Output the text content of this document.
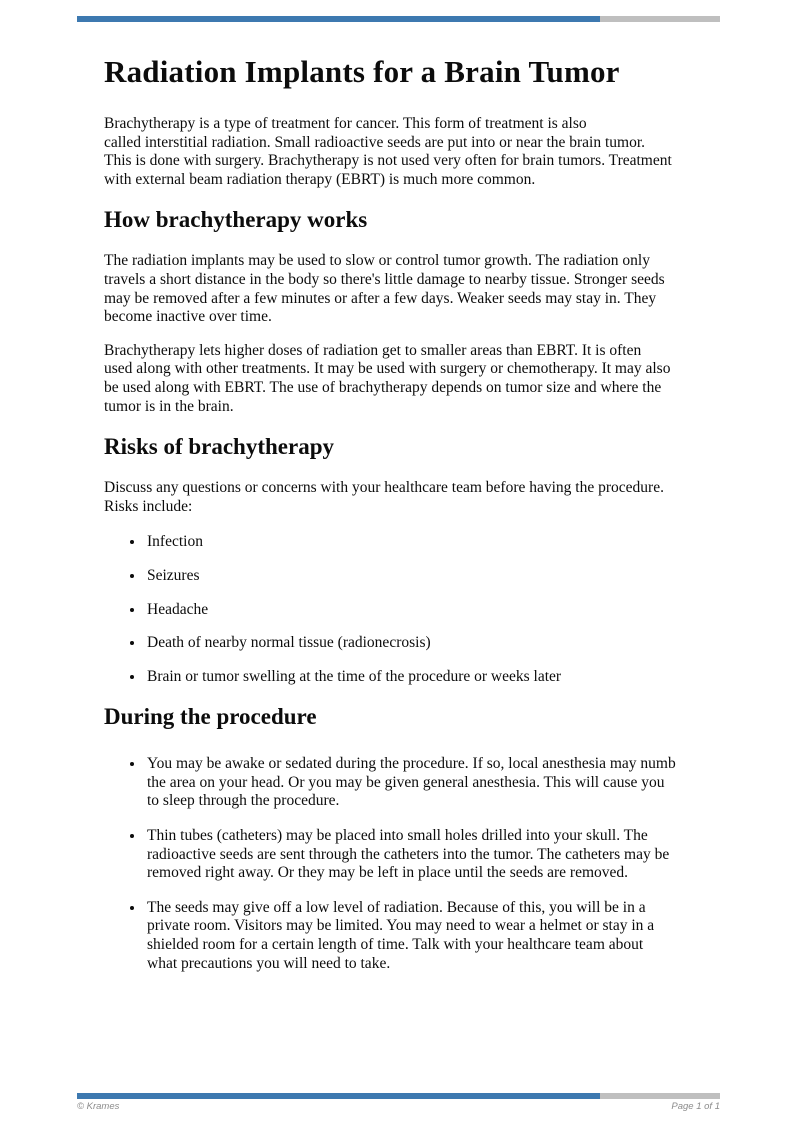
Radiation Implants for a Brain Tumor

Brachytherapy is a type of treatment for cancer. This form of treatment is also
called interstitial radiation. Small radioactive seeds are put into or near the brain tumor.
This is done with surgery. Brachytherapy is not used very often for brain tumors. Treatment
with external beam radiation therapy (EBRT) is much more common.

How brachytherapy works

The radiation implants may be used to slow or control tumor growth. The radiation only
travels a short distance in the body so there's little damage to nearby tissue. Stronger seeds
may be removed after a few minutes or after a few days. Weaker seeds may stay in. They
become inactive over time.

Brachytherapy lets higher doses of radiation get to smaller areas than EBRT. It is often
used along with other treatments. It may be used with surgery or chemotherapy. It may also
be used along with EBRT. The use of brachytherapy depends on tumor size and where the
tumor is in the brain.

Risks of brachytherapy

Discuss any questions or concerns with your healthcare team before having the procedure.
Risks include:

• Infection
• Seizures
• Headache
• Death of nearby normal tissue (radionecrosis)
• Brain or tumor swelling at the time of the procedure or weeks later
During the procedure
• You may be awake or sedated during the procedure. If so, local anesthesia may numb
the area on your head. Or you may be given general anesthesia. This will cause you
to sleep through the procedure.
• Thin tubes (catheters) may be placed into small holes drilled into your skull. The
radioactive seeds are sent through the catheters into the tumor. The catheters may be
removed right away. Or they may be left in place until the seeds are removed.
• The seeds may give off a low level of radiation. Because of this, you will be in a
private room. Visitors may be limited. You may need to wear a helmet or stay in a
shielded room for a certain length of time. Talk with your healthcare team about
what precautions you will need to take.
© Krames	Page 1 of 1
